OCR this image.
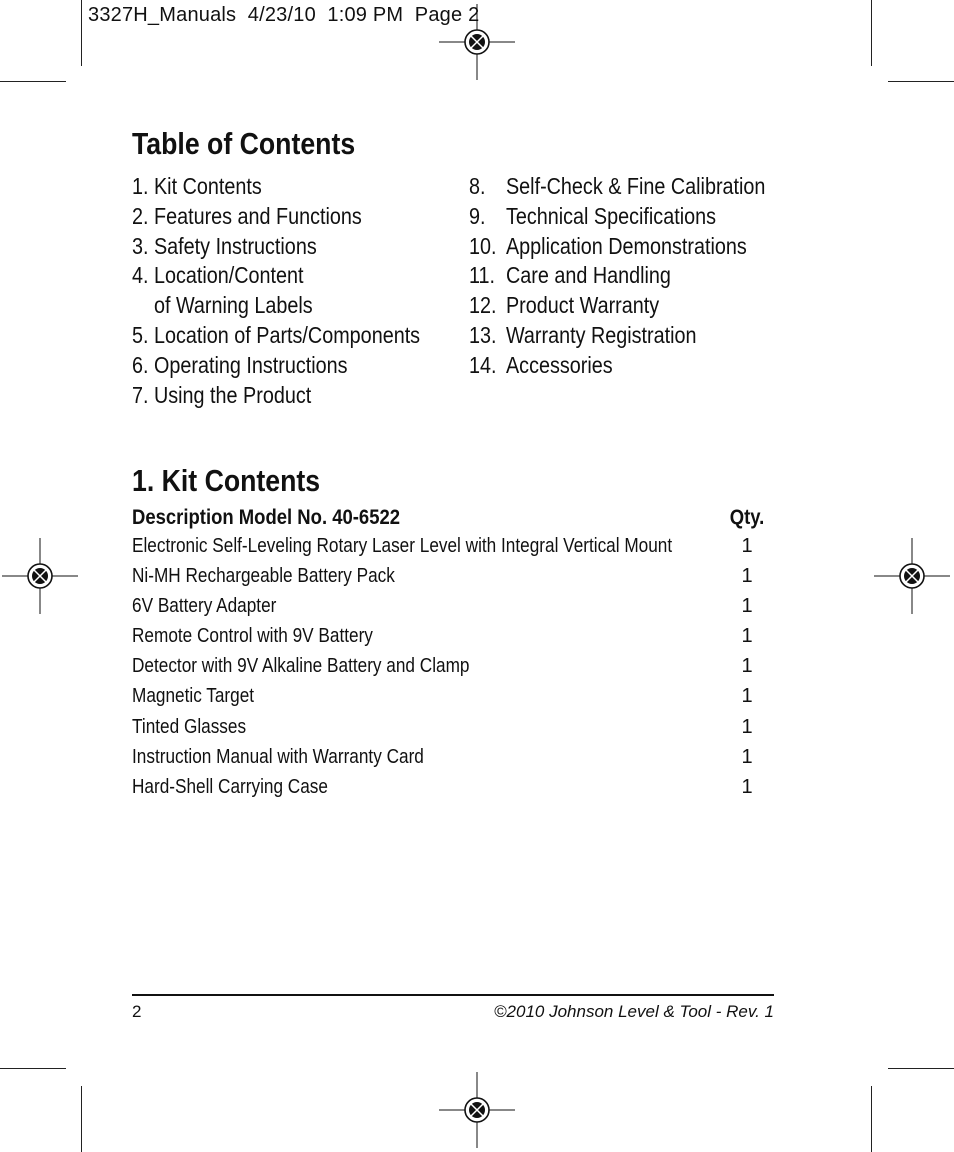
3327H_Manuals  4/23/10  1:09 PM  Page 2
Table of Contents
1. Kit Contents
2. Features and Functions
3. Safety Instructions
4. Location/Content
of Warning Labels
5. Location of Parts/Components
6. Operating Instructions
7. Using the Product
8. Self-Check & Fine Calibration
9. Technical Specifications
10. Application Demonstrations
11. Care and Handling
12. Product Warranty
13. Warranty Registration
14. Accessories
1. Kit Contents
Description Model No. 40-6522	Qty.
Electronic Self-Leveling Rotary Laser Level with Integral Vertical Mount	1
Ni-MH Rechargeable Battery Pack	1
6V Battery Adapter	1
Remote Control with 9V Battery	1
Detector with 9V Alkaline Battery and Clamp	1
Magnetic Target	1
Tinted Glasses	1
Instruction Manual with Warranty Card	1
Hard-Shell Carrying Case	1
2	©2010 Johnson Level & Tool - Rev. 1
